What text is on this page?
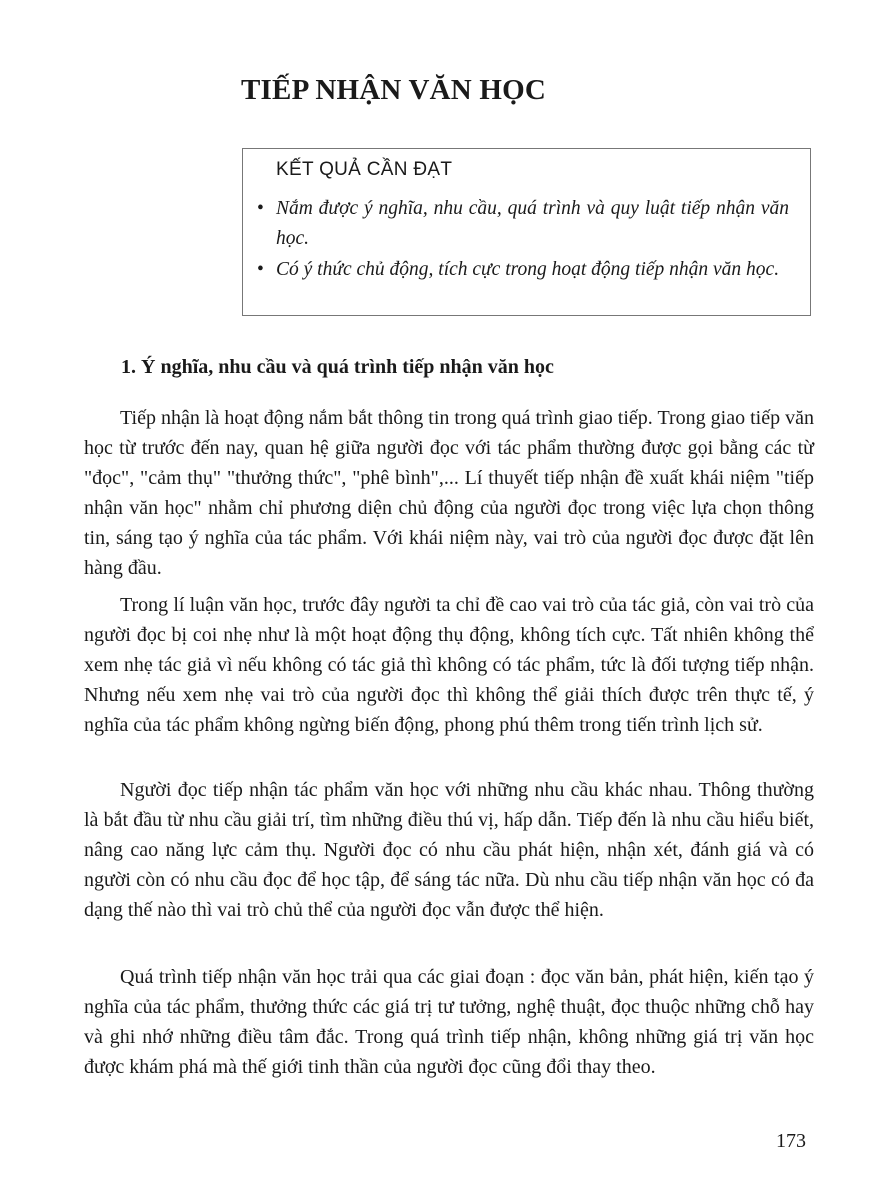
TIẾP NHẬN VĂN HỌC
KẾT QUẢ CẦN ĐẠT
• Nắm được ý nghĩa, nhu cầu, quá trình và quy luật tiếp nhận văn học.
• Có ý thức chủ động, tích cực trong hoạt động tiếp nhận văn học.
1. Ý nghĩa, nhu cầu và quá trình tiếp nhận văn học

Tiếp nhận là hoạt động nắm bắt thông tin trong quá trình giao tiếp. Trong giao tiếp văn học từ trước đến nay, quan hệ giữa người đọc với tác phẩm thường được gọi bằng các từ "đọc", "cảm thụ" "thưởng thức", "phê bình",... Lí thuyết tiếp nhận đề xuất khái niệm "tiếp nhận văn học" nhằm chỉ phương diện chủ động của người đọc trong việc lựa chọn thông tin, sáng tạo ý nghĩa của tác phẩm. Với khái niệm này, vai trò của người đọc được đặt lên hàng đầu.

Trong lí luận văn học, trước đây người ta chỉ đề cao vai trò của tác giả, còn vai trò của người đọc bị coi nhẹ như là một hoạt động thụ động, không tích cực. Tất nhiên không thể xem nhẹ tác giả vì nếu không có tác giả thì không có tác phẩm, tức là đối tượng tiếp nhận. Nhưng nếu xem nhẹ vai trò của người đọc thì không thể giải thích được trên thực tế, ý nghĩa của tác phẩm không ngừng biến động, phong phú thêm trong tiến trình lịch sử.

Người đọc tiếp nhận tác phẩm văn học với những nhu cầu khác nhau. Thông thường là bắt đầu từ nhu cầu giải trí, tìm những điều thú vị, hấp dẫn. Tiếp đến là nhu cầu hiểu biết, nâng cao năng lực cảm thụ. Người đọc có nhu cầu phát hiện, nhận xét, đánh giá và có người còn có nhu cầu đọc để học tập, để sáng tác nữa. Dù nhu cầu tiếp nhận văn học có đa dạng thế nào thì vai trò chủ thể của người đọc vẫn được thể hiện.

Quá trình tiếp nhận văn học trải qua các giai đoạn : đọc văn bản, phát hiện, kiến tạo ý nghĩa của tác phẩm, thưởng thức các giá trị tư tưởng, nghệ thuật, đọc thuộc những chỗ hay và ghi nhớ những điều tâm đắc. Trong quá trình tiếp nhận, không những giá trị văn học được khám phá mà thế giới tinh thần của người đọc cũng đổi thay theo.

173
